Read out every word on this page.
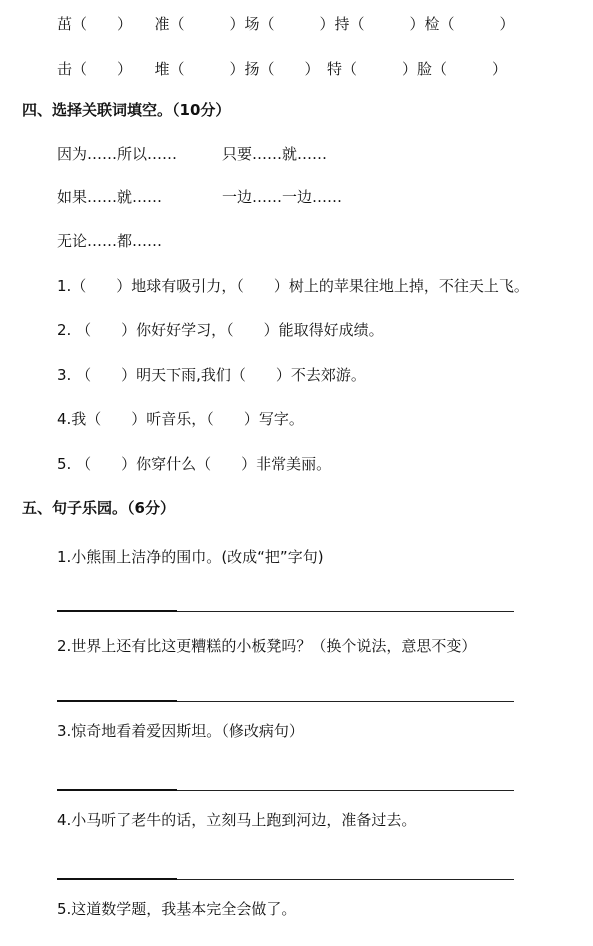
茁（　　）　　准（　　　）场（　　　）持（　　　）检（　　　）
击（　　）　　堆（　　　）扬（　　）　特（　　　）脸（　　　）
四、选择关联词填空。（10分）
因为……所以……　　　只要……就……
如果……就……　　　　一边……一边……
无论……都……
1.（　　）地球有吸引力，（　　）树上的苹果往地上掉，不往天上飞。
2. （　　）你好好学习，（　　）能取得好成绩。
3. （　　）明天下雨,我们（　　）不去郊游。
4.我（　　）听音乐，（　　）写字。
5. （　　）你穿什么（　　）非常美丽。
五、句子乐园。（6分）
1.小熊围上洁净的围巾。(改成“把”字句)
2.世界上还有比这更糟糕的小板凳吗？（换个说法，意思不变）
3.惊奇地看着爱因斯坦。（修改病句）
4.小马听了老牛的话，立刻马上跑到河边，准备过去。
5.这道数学题，我基本完全会做了。
